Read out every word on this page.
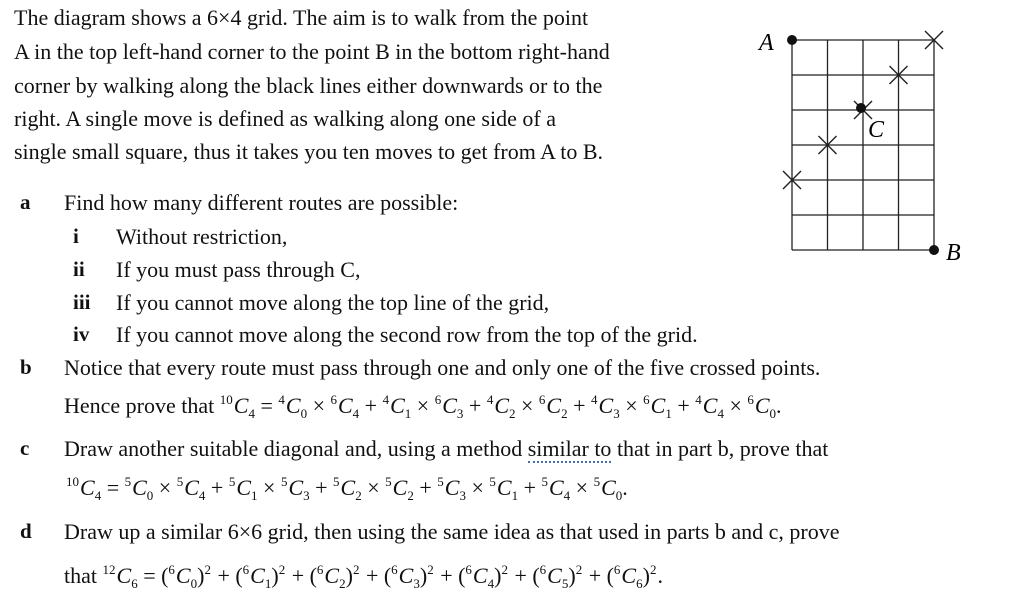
The diagram shows a 6×4 grid. The aim is to walk from the point
A in the top left-hand corner to the point B in the bottom right-hand
corner by walking along the black lines either downwards or to the
right. A single move is defined as walking along one side of a
single small square, thus it takes you ten moves to get from A to B.
a Find how many different routes are possible:
i Without restriction,
ii If you must pass through C,
iii If you cannot move along the top line of the grid,
iv If you cannot move along the second row from the top of the grid.
b Notice that every route must pass through one and only one of the five crossed points.
Hence prove that $^{10}C_4 = ^4C_0 \times ^6C_4 + ^4C_1 \times ^6C_3 + ^4C_2 \times ^6C_2 + ^4C_3 \times ^6C_1 + ^4C_4 \times ^6C_0$.
c Draw another suitable diagonal and, using a method similar to that in part b, prove that
$^{10}C_4 = ^5C_0 \times ^5C_4 + ^5C_1 \times ^5C_3 + ^5C_2 \times ^5C_2 + ^5C_3 \times ^5C_1 + ^5C_4 \times ^5C_0$.
d Draw up a similar 6×6 grid, then using the same idea as that used in parts b and c, prove
that $^{12}C_6 = (^6C_0)^2 + (^6C_1)^2 + (^6C_2)^2 + (^6C_3)^2 + (^6C_4)^2 + (^6C_5)^2 + (^6C_6)^2$.
A
B
C
